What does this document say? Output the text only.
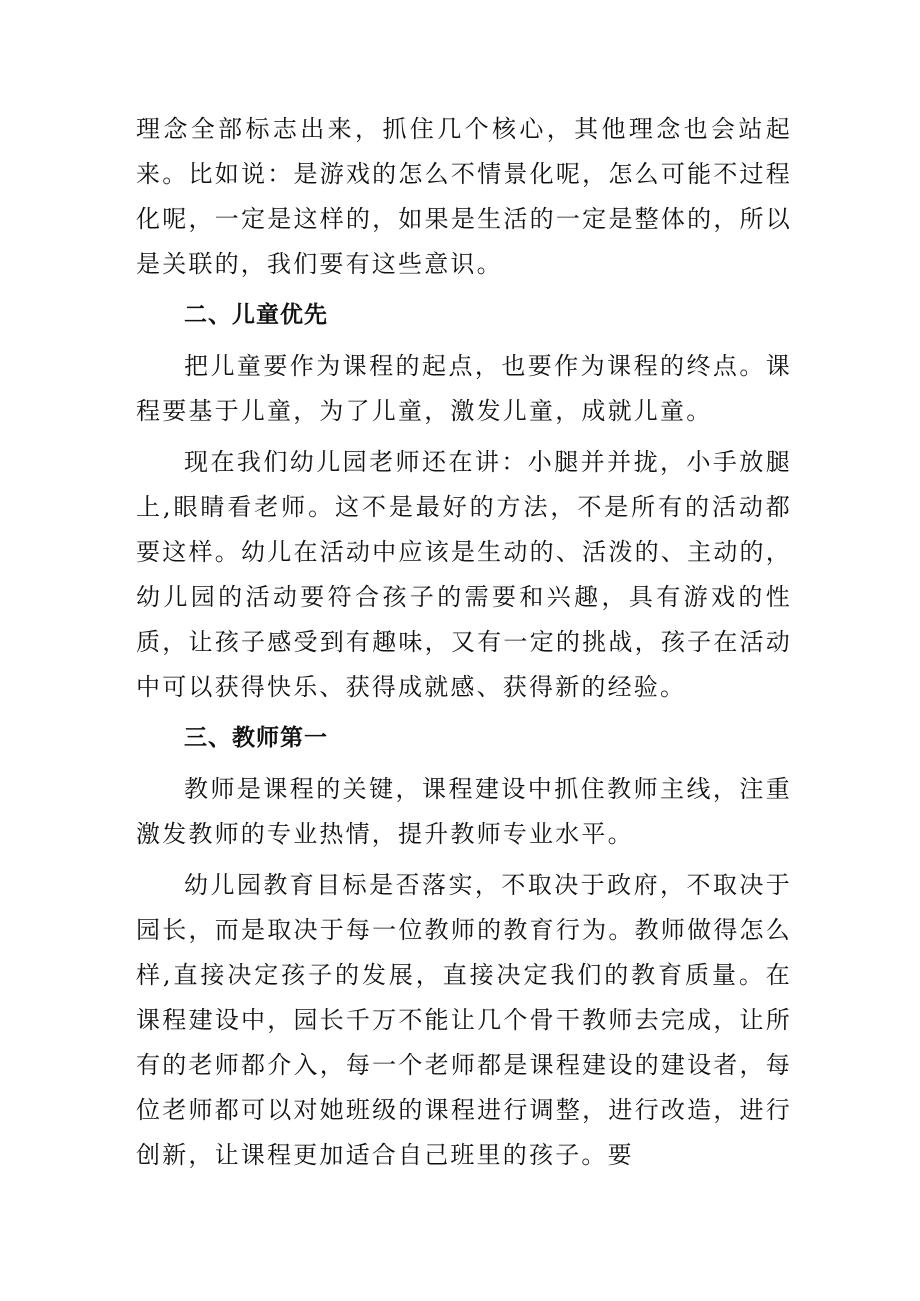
理念全部标志出来，抓住几个核心，其他理念也会站起来。比如说：是游戏的怎么不情景化呢，怎么可能不过程化呢，一定是这样的，如果是生活的一定是整体的，所以是关联的，我们要有这些意识。

二、儿童优先

把儿童要作为课程的起点，也要作为课程的终点。课程要基于儿童，为了儿童，激发儿童，成就儿童。

现在我们幼儿园老师还在讲：小腿并并拢，小手放腿上,眼睛看老师。这不是最好的方法，不是所有的活动都要这样。幼儿在活动中应该是生动的、活泼的、主动的，幼儿园的活动要符合孩子的需要和兴趣，具有游戏的性质，让孩子感受到有趣味，又有一定的挑战，孩子在活动中可以获得快乐、获得成就感、获得新的经验。

三、教师第一

教师是课程的关键，课程建设中抓住教师主线，注重激发教师的专业热情，提升教师专业水平。

幼儿园教育目标是否落实，不取决于政府，不取决于园长，而是取决于每一位教师的教育行为。教师做得怎么样,直接决定孩子的发展，直接决定我们的教育质量。在课程建设中，园长千万不能让几个骨干教师去完成，让所有的老师都介入，每一个老师都是课程建设的建设者，每位老师都可以对她班级的课程进行调整，进行改造，进行创新，让课程更加适合自己班里的孩子。要
